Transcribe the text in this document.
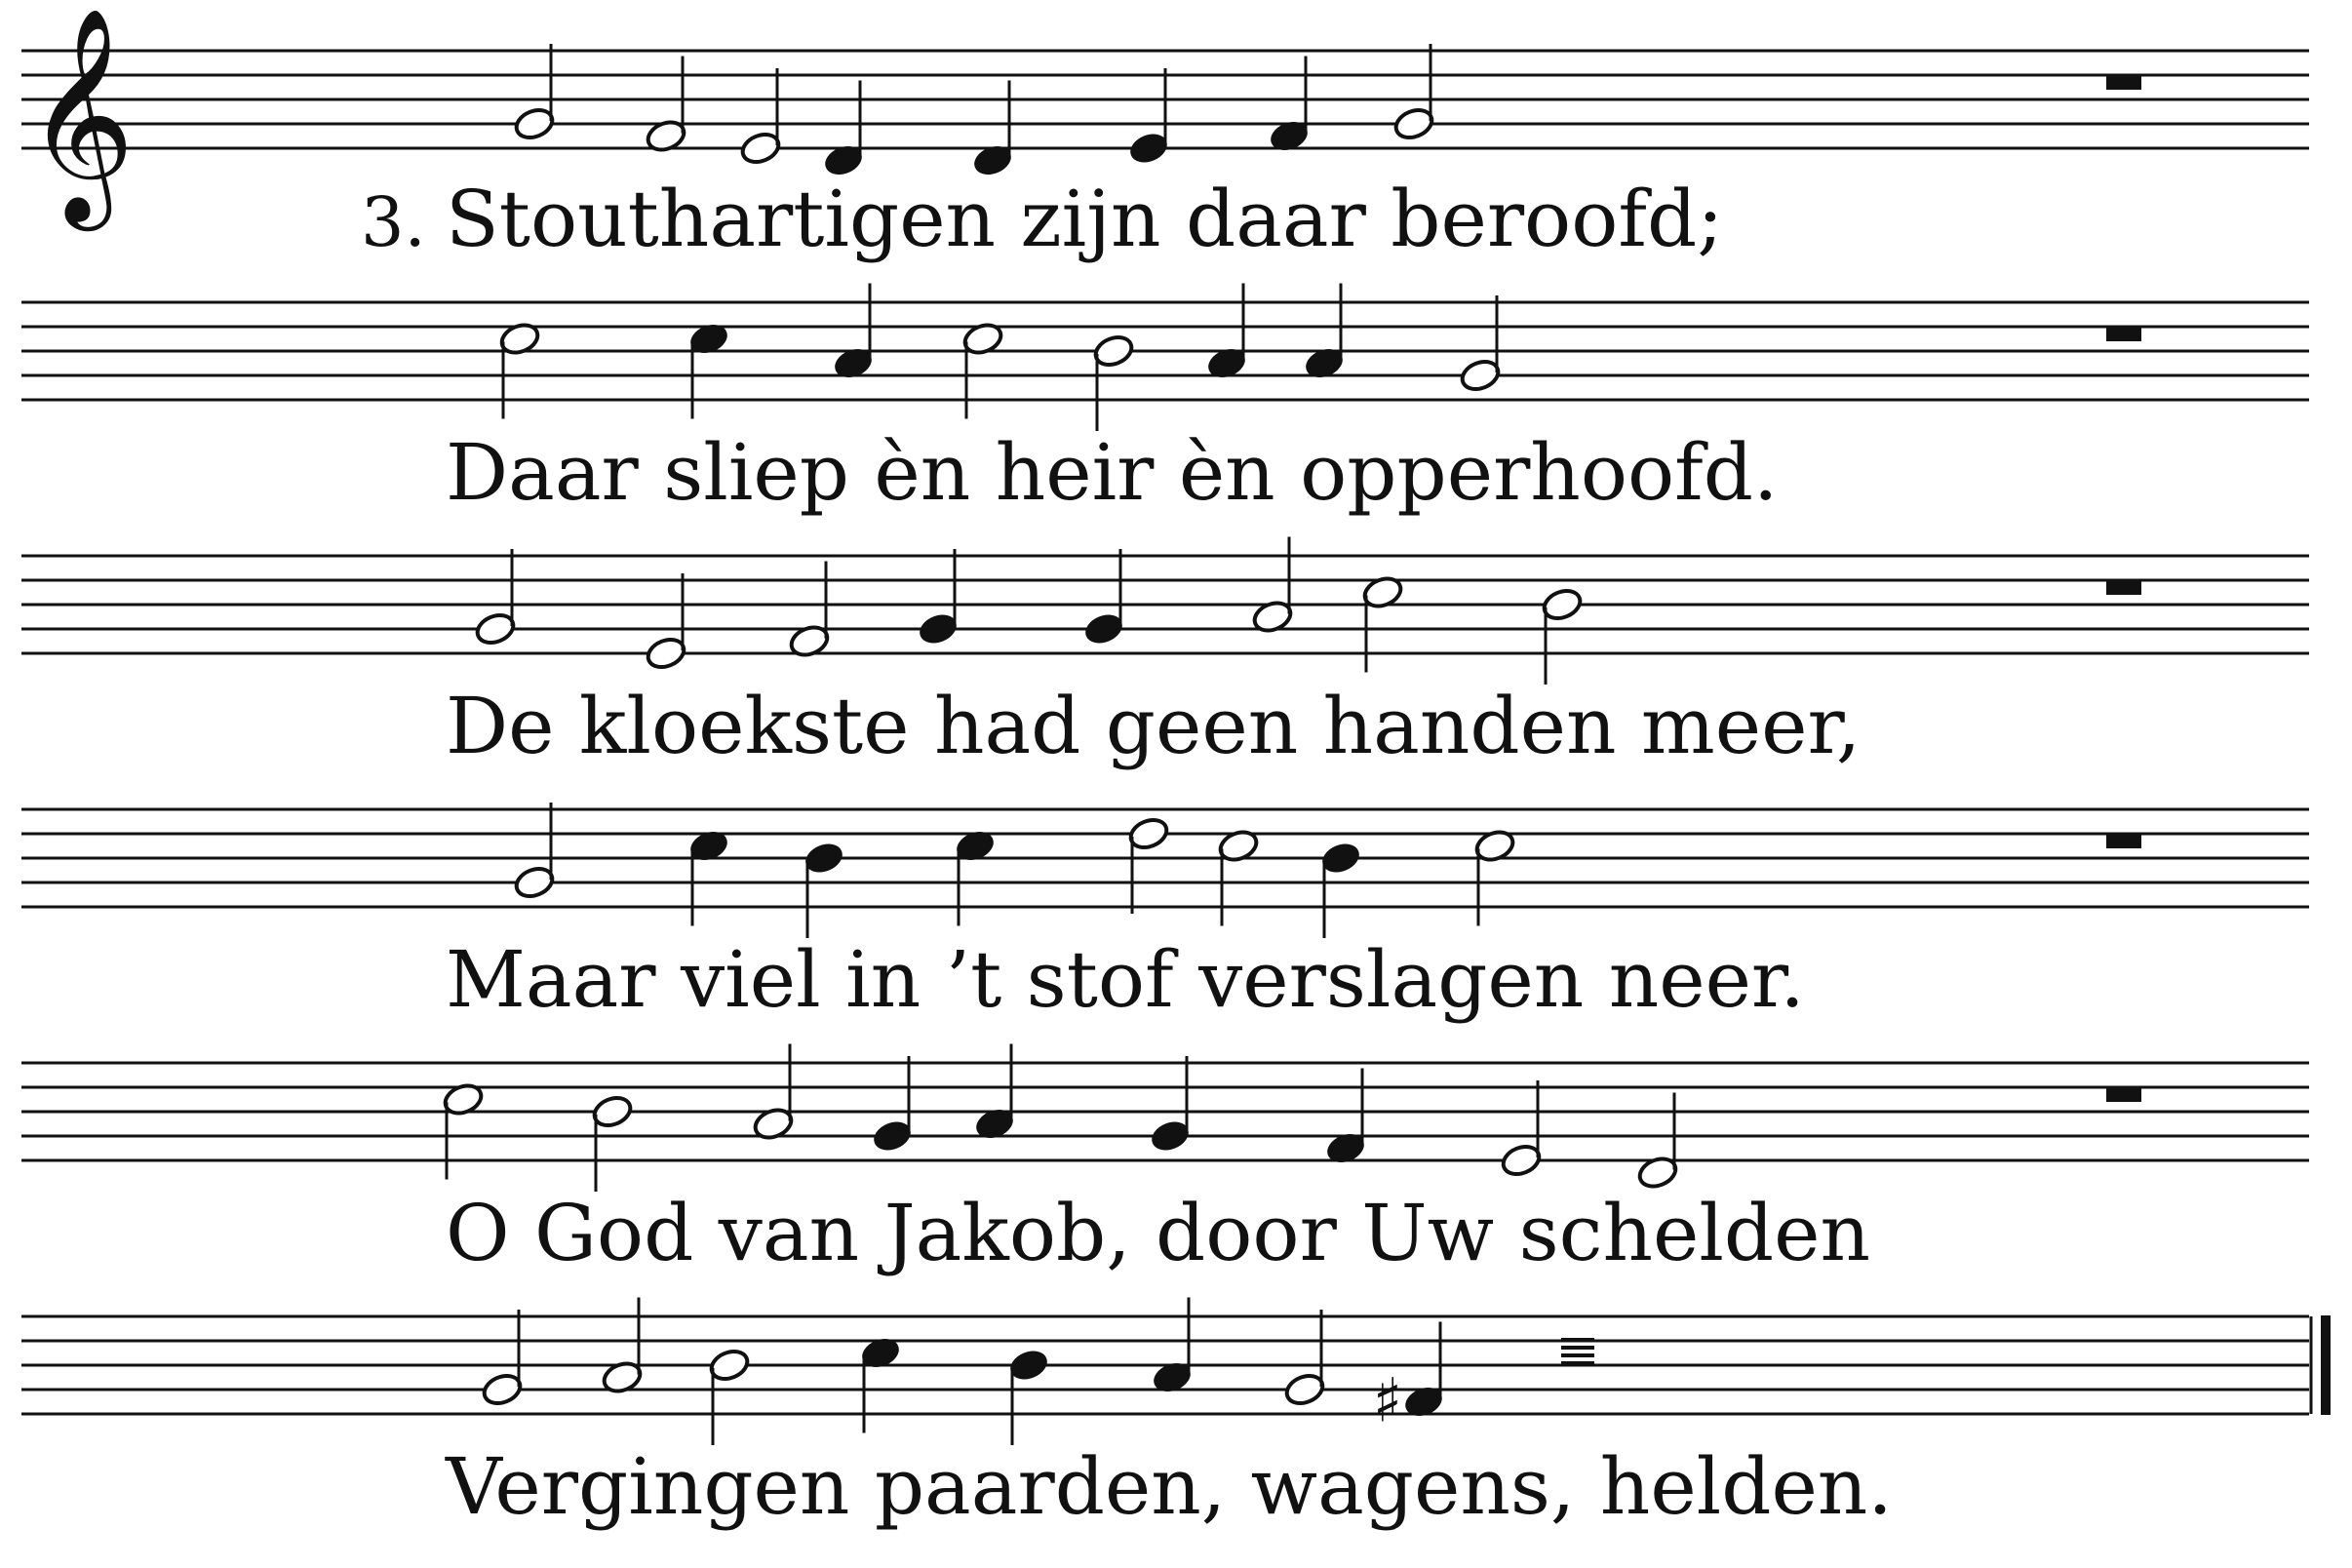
𝄞
♯
3. Stouthartigen zijn daar beroofd;
Daar sliep èn heir èn opperhoofd.
De kloekste had geen handen meer,
Maar viel in ’t stof verslagen neer.
O God van Jakob, door Uw schelden
Vergingen paarden, wagens, helden.
